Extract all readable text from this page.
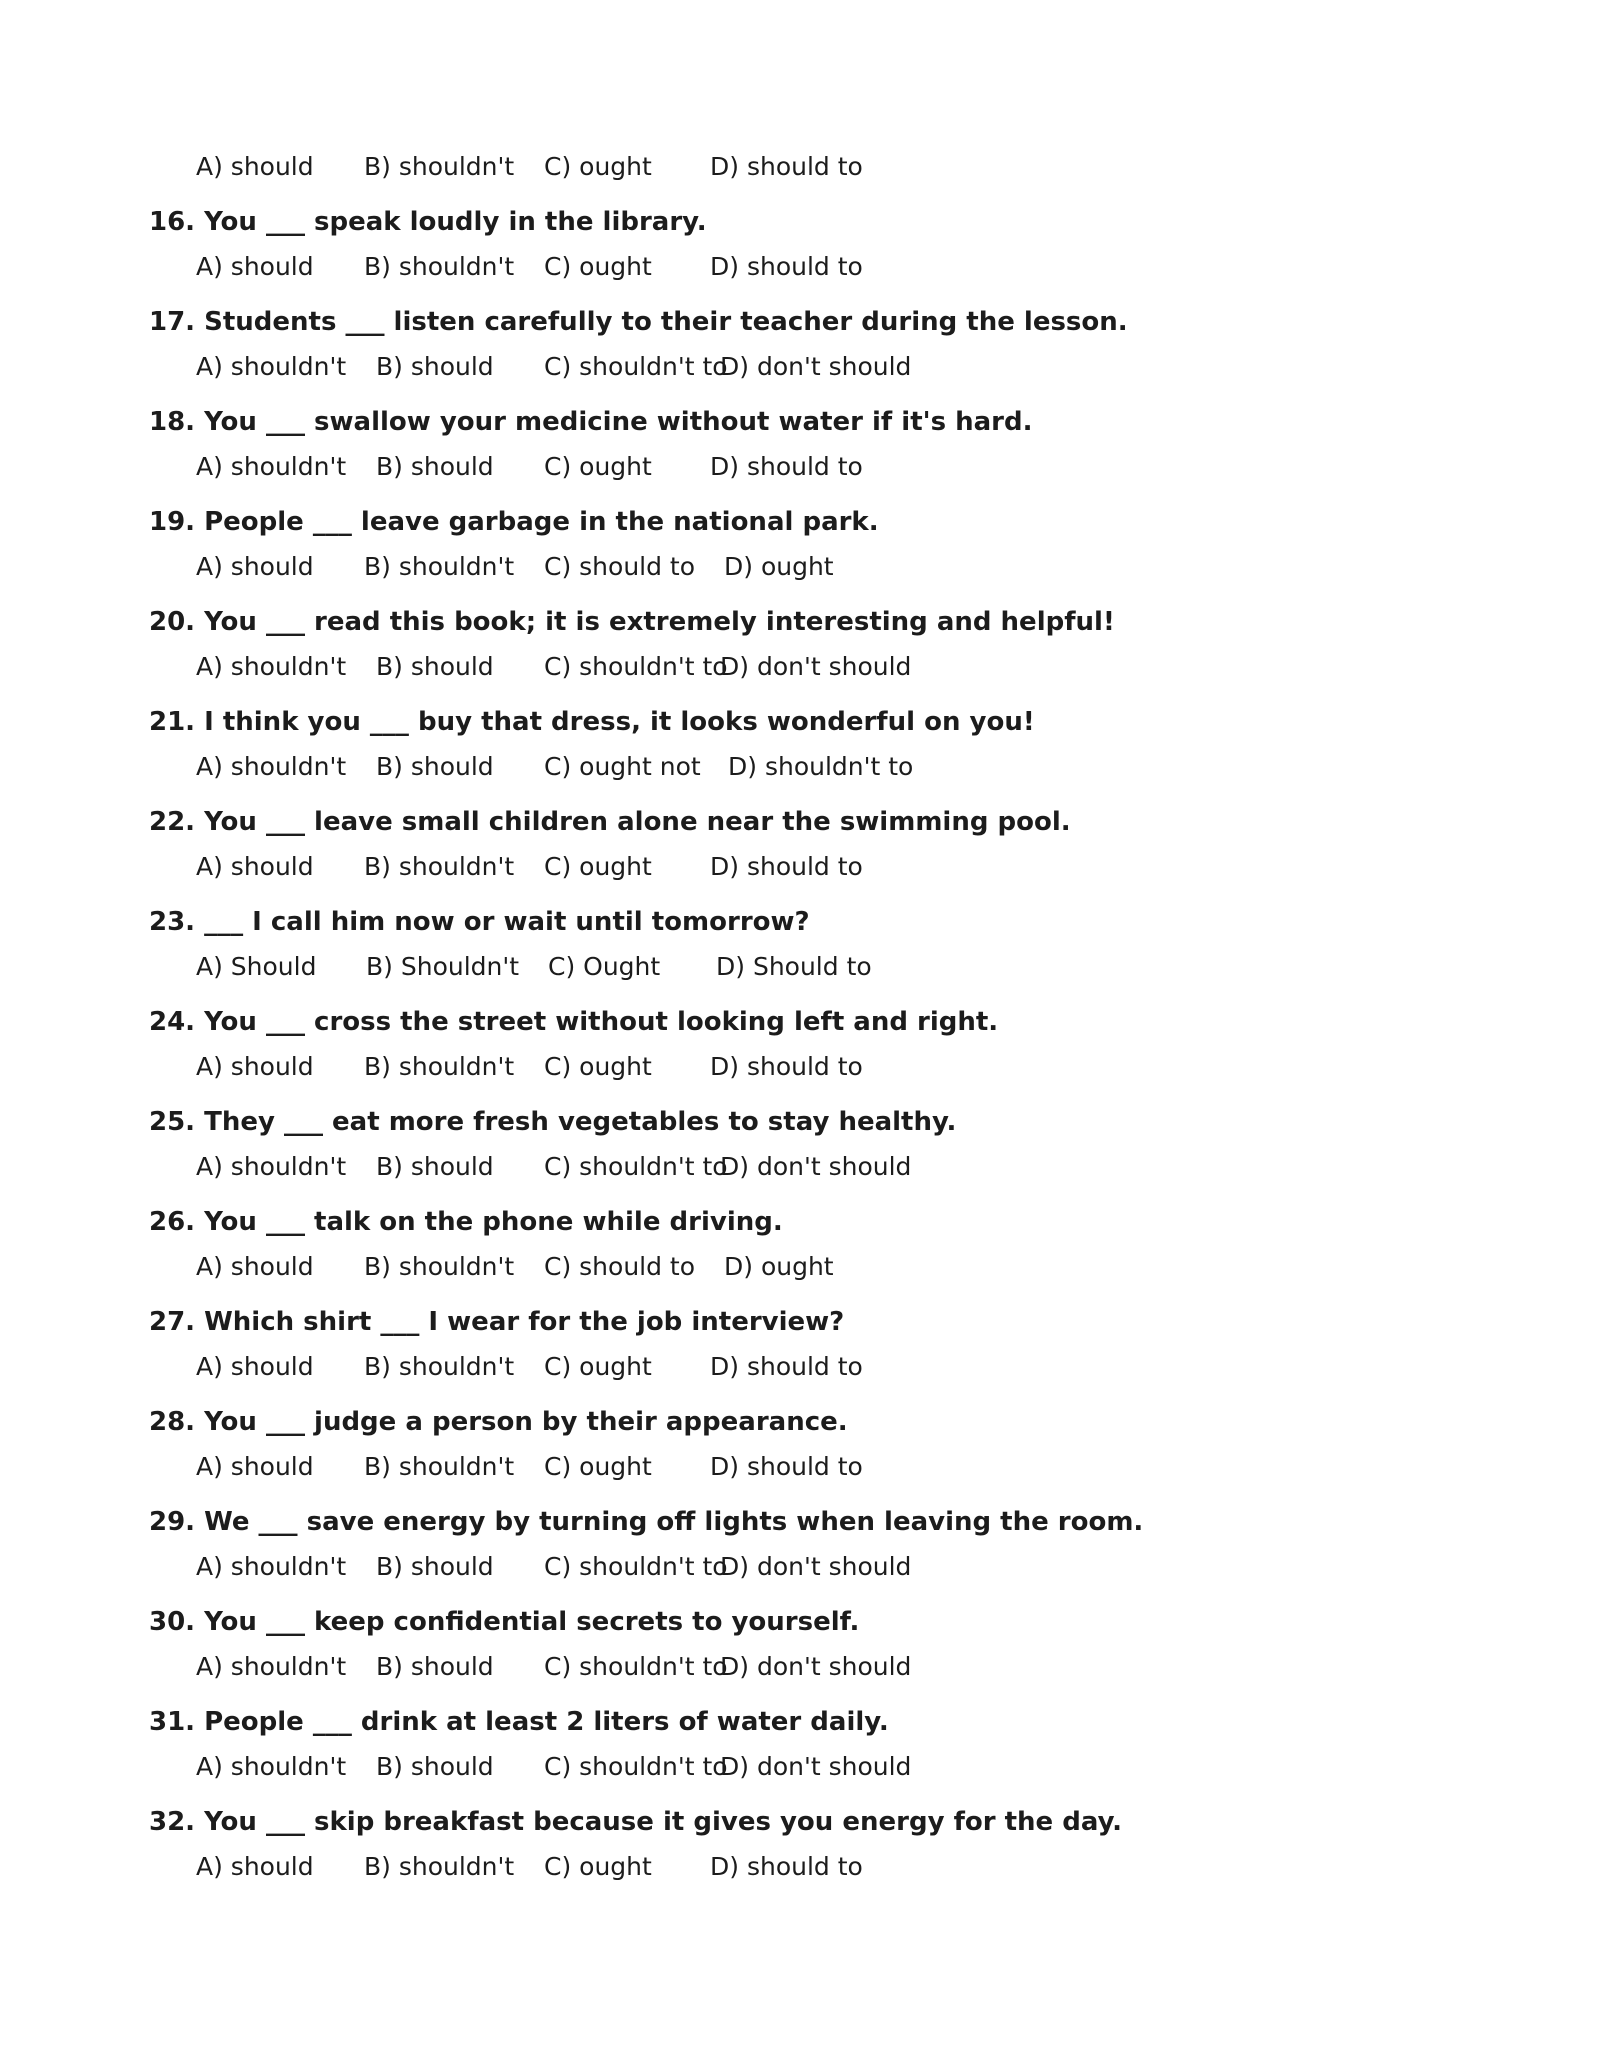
A) should B) shouldn't C) ought D) should to
16. You ___ speak loudly in the library.
A) should B) shouldn't C) ought D) should to
17. Students ___ listen carefully to their teacher during the lesson.
A) shouldn't B) should C) shouldn't to
D) don't should
18. You ___ swallow your medicine without water if it's hard.
A) shouldn't B) should C) ought D) should to
19. People ___ leave garbage in the national park.
A) should B) shouldn't C) should to D) ought
20. You ___ read this book; it is extremely interesting and helpful!
A) shouldn't B) should C) shouldn't to
D) don't should
21. I think you ___ buy that dress, it looks wonderful on you!
A) shouldn't B) should C) ought not D) shouldn't to
22. You ___ leave small children alone near the swimming pool.
A) should B) shouldn't C) ought D) should to
23. ___ I call him now or wait until tomorrow?
A) Should B) Shouldn't C) Ought D) Should to
24. You ___ cross the street without looking left and right.
A) should B) shouldn't C) ought D) should to
25. They ___ eat more fresh vegetables to stay healthy.
A) shouldn't B) should C) shouldn't to
D) don't should
26. You ___ talk on the phone while driving.
A) should B) shouldn't C) should to D) ought
27. Which shirt ___ I wear for the job interview?
A) should B) shouldn't C) ought D) should to
28. You ___ judge a person by their appearance.
A) should B) shouldn't C) ought D) should to
29. We ___ save energy by turning off lights when leaving the room.
A) shouldn't B) should C) shouldn't to
D) don't should
30. You ___ keep confidential secrets to yourself.
A) shouldn't B) should C) shouldn't to
D) don't should
31. People ___ drink at least 2 liters of water daily.
A) shouldn't B) should C) shouldn't to
D) don't should
32. You ___ skip breakfast because it gives you energy for the day.
A) should B) shouldn't C) ought D) should to
